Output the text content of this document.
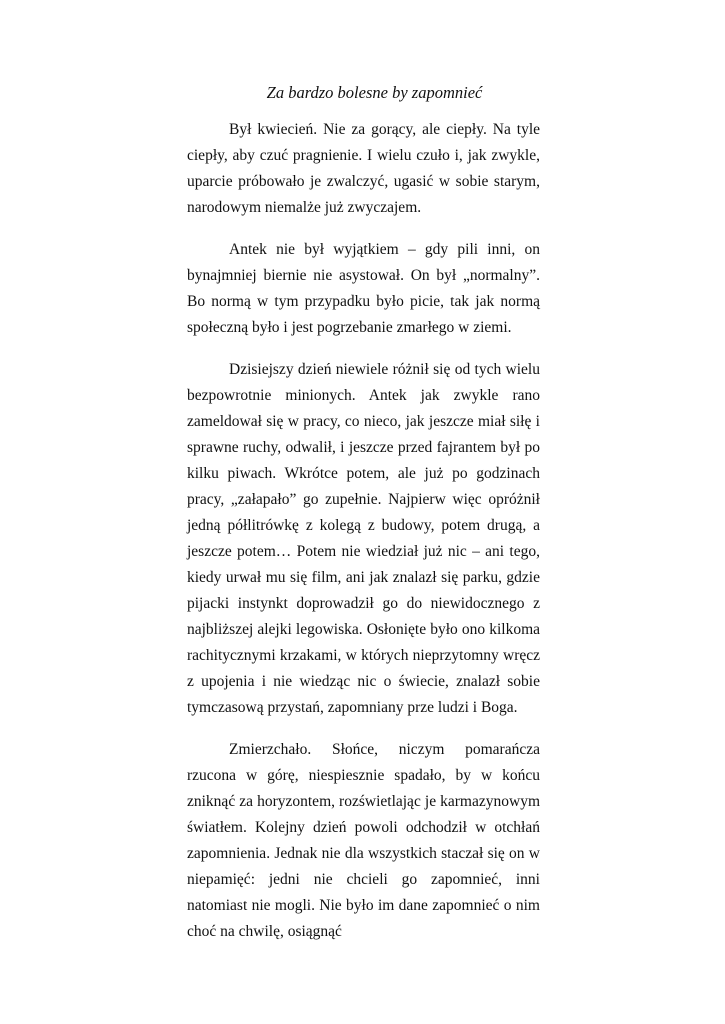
Za bardzo bolesne by zapomnieć

Był kwiecień. Nie za gorący, ale ciepły. Na tyle ciepły, aby czuć pragnienie. I wielu czuło i, jak zwykle, uparcie próbowało je zwalczyć, ugasić w sobie starym, narodowym niemalże już zwyczajem.

Antek nie był wyjątkiem – gdy pili inni, on bynajmniej biernie nie asystował. On był „normalny”. Bo normą w tym przypadku było picie, tak jak normą społeczną było i jest pogrzebanie zmarłego w ziemi.

Dzisiejszy dzień niewiele różnił się od tych wielu bezpowrotnie minionych. Antek jak zwykle rano zameldował się w pracy, co nieco, jak jeszcze miał siłę i sprawne ruchy, odwalił, i jeszcze przed fajrantem był po kilku piwach. Wkrótce potem, ale już po godzinach pracy, „załapało” go zupełnie. Najpierw więc opróżnił jedną półlitrówkę z kolegą z budowy, potem drugą, a jeszcze potem… Potem nie wiedział już nic – ani tego, kiedy urwał mu się film, ani jak znalazł się parku, gdzie pijacki instynkt doprowadził go do niewidocznego z najbliższej alejki legowiska. Osłonięte było ono kilkoma rachitycznymi krzakami, w których nieprzytomny wręcz z upojenia i nie wiedząc nic o świecie, znalazł sobie tymczasową przystań, zapomniany prze ludzi i Boga.

Zmierzchało. Słońce, niczym pomarańcza rzucona w górę, niespiesznie spadało, by w końcu zniknąć za horyzontem, rozświetlając je karmazynowym światłem. Kolejny dzień powoli odchodził w otchłań zapomnienia. Jednak nie dla wszystkich staczał się on w niepamięć: jedni nie chcieli go zapomnieć, inni natomiast nie mogli. Nie było im dane zapomnieć o nim choć na chwilę, osiągnąć
